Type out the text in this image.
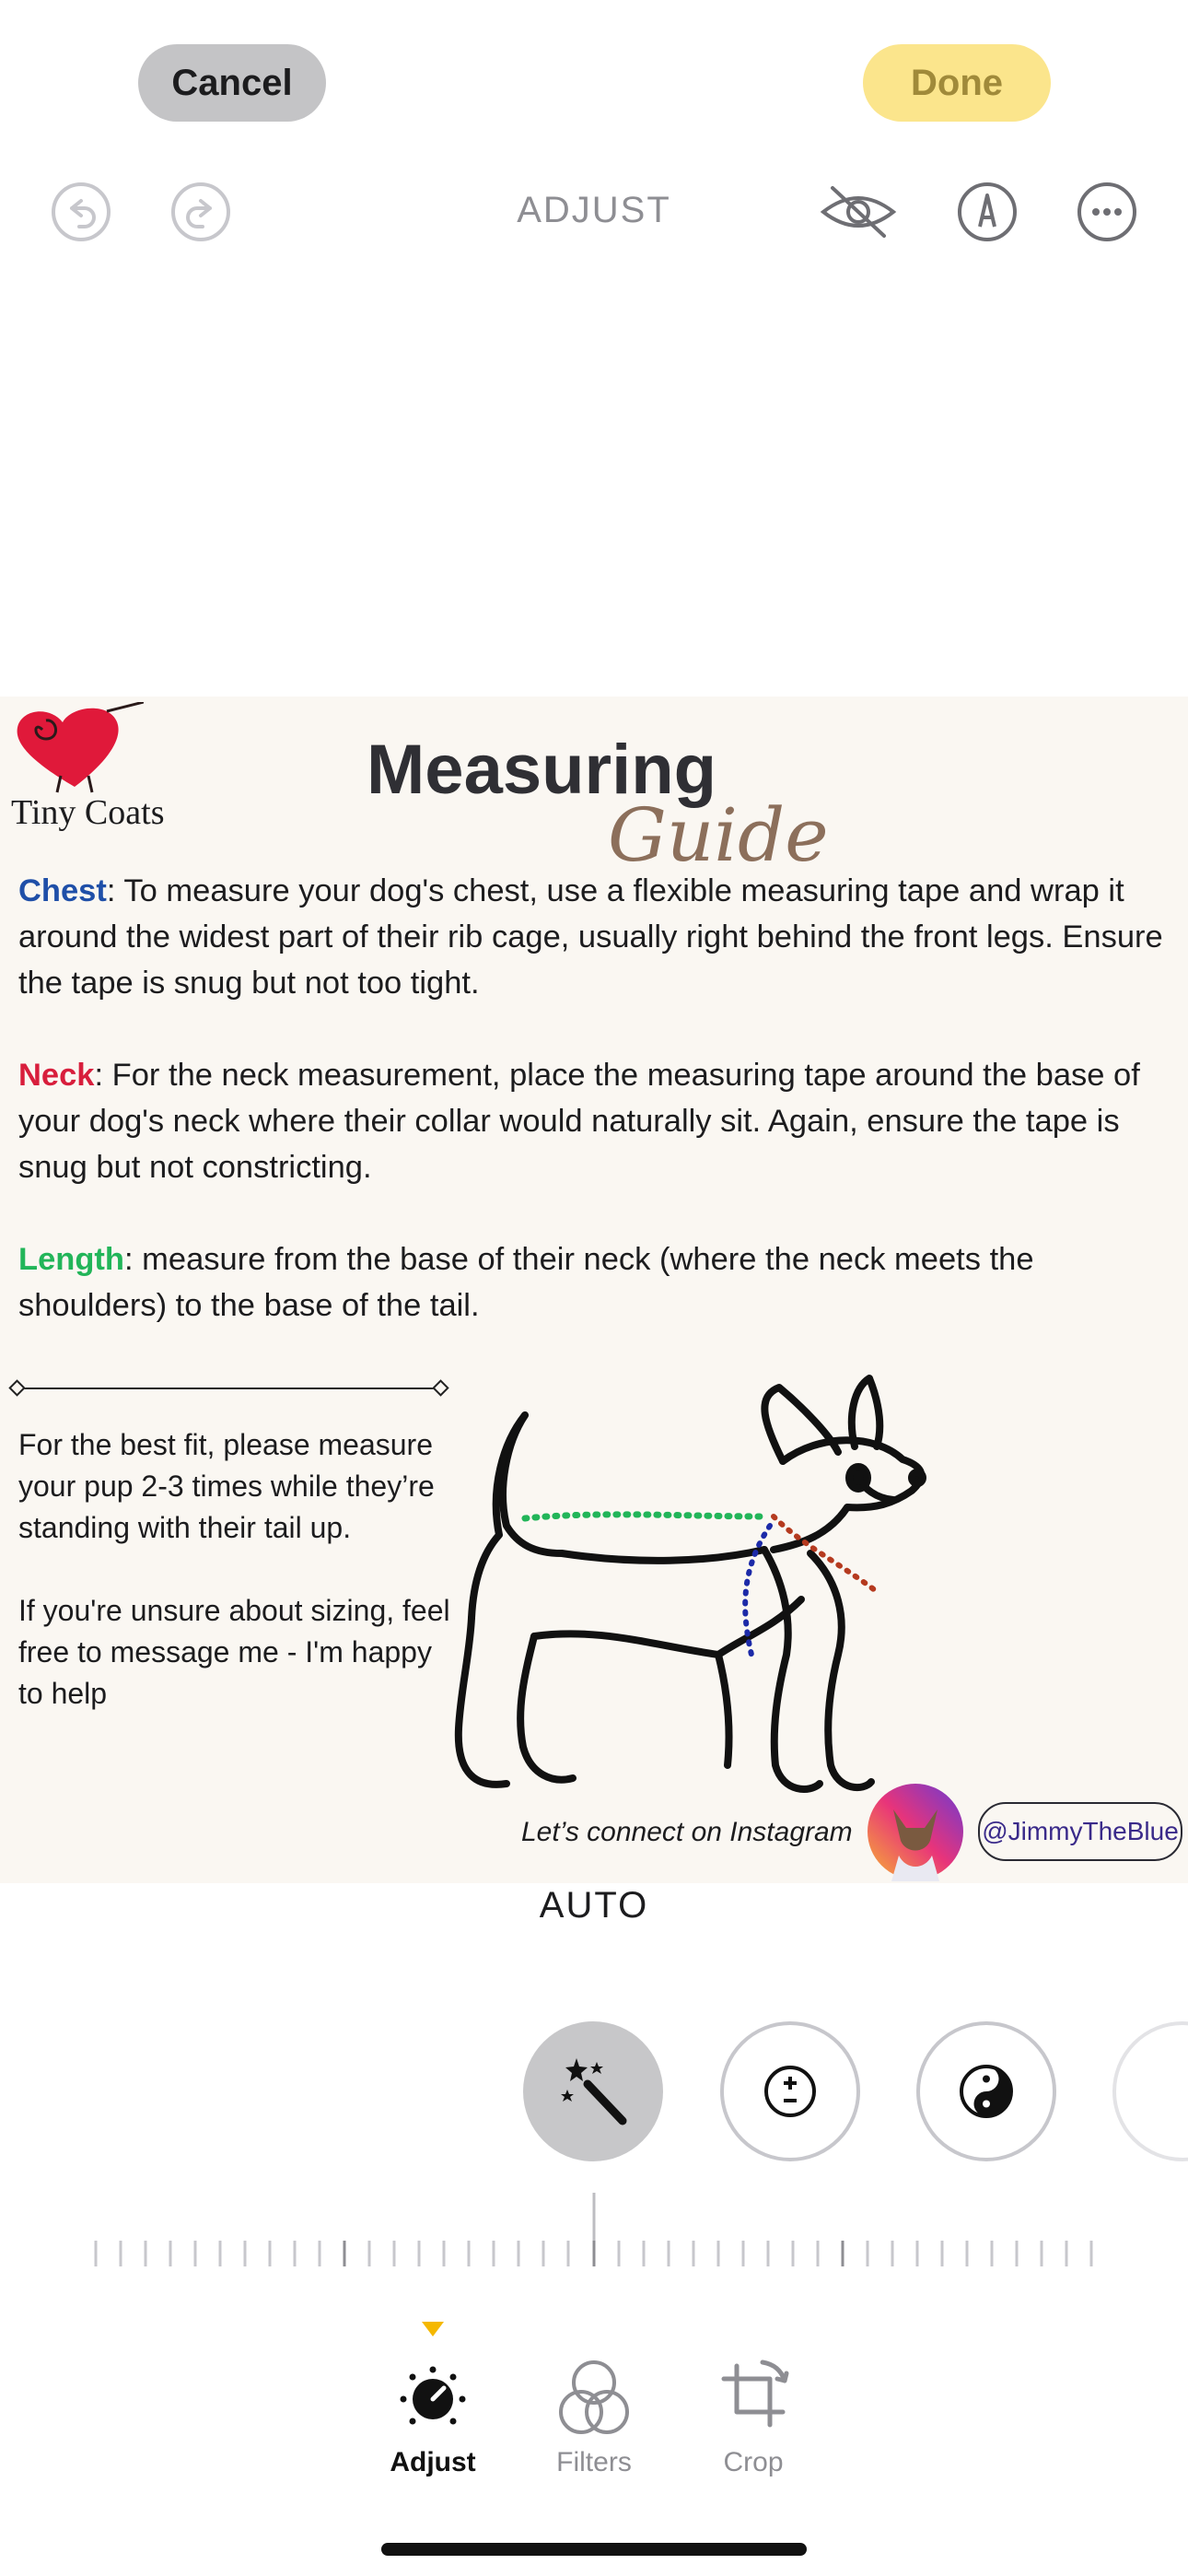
Cancel	Done
ADJUST
Tiny Coats
Measuring
Guide
Chest: To measure your dog's chest, use a flexible measuring tape and wrap it around the widest part of their rib cage, usually right behind the front legs. Ensure the tape is snug but not too tight.
Neck: For the neck measurement, place the measuring tape around the base of your dog's neck where their collar would naturally sit. Again, ensure the tape is snug but not constricting.
Length: measure from the base of their neck (where the neck meets the shoulders) to the base of the tail.
For the best fit, please measure your pup 2-3 times while they’re standing with their tail up.
If you're unsure about sizing, feel free to message me - I'm happy to help
Let’s connect on Instagram	@JimmyTheBlue
AUTO
Adjust	Filters	Crop
